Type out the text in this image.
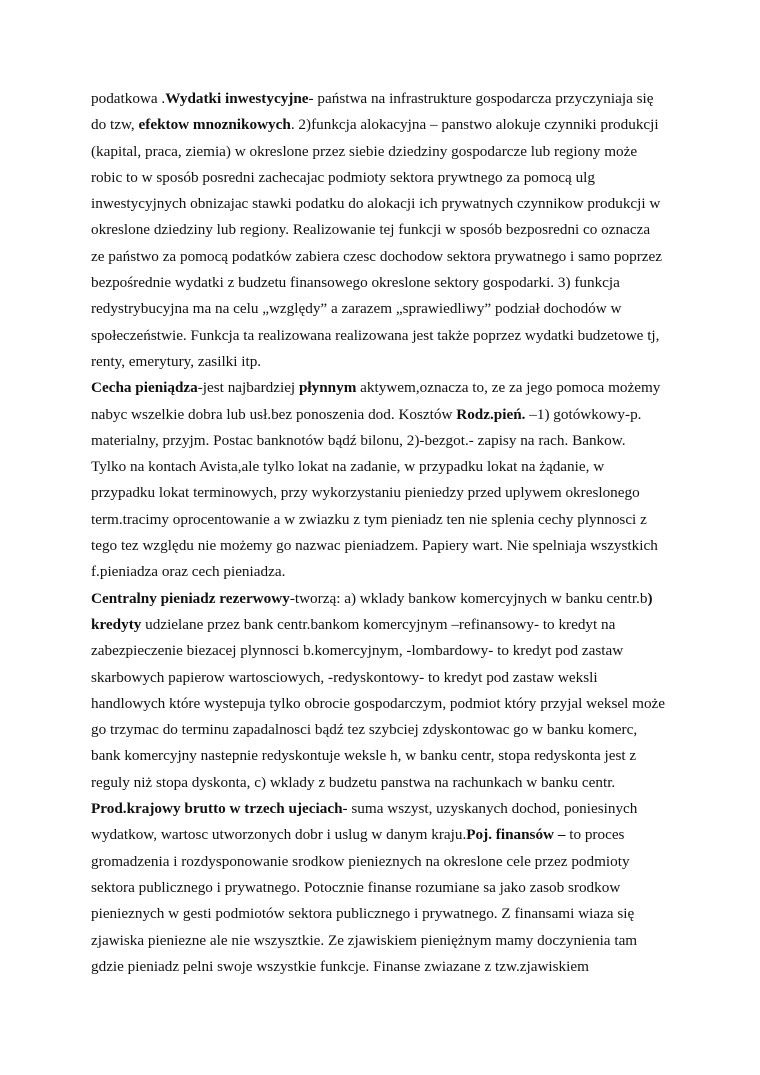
podatkowa .Wydatki inwestycyjne- państwa na infrastrukture gospodarcza przyczyniaja się
do tzw, efektow mnoznikowych. 2)funkcja alokacyjna – panstwo alokuje czynniki produkcji
(kapital, praca, ziemia) w okreslone przez siebie dziedziny gospodarcze lub regiony może
robic to w sposób posredni zachecajac podmioty sektora prywtnego za pomocą ulg
inwestycyjnych obnizajac stawki podatku do alokacji ich prywatnych czynnikow produkcji w
okreslone dziedziny lub regiony. Realizowanie tej funkcji w sposób bezposredni co oznacza
ze państwo za pomocą podatków zabiera czesc dochodow sektora prywatnego i samo poprzez
bezpośrednie wydatki z budzetu finansowego okreslone sektory gospodarki. 3) funkcja
redystrybucyjna ma na celu „względy” a zarazem „sprawiedliwy” podział dochodów w
społeczeństwie. Funkcja ta realizowana realizowana jest także poprzez wydatki budzetowe tj,
renty, emerytury, zasilki itp.
Cecha pieniądza-jest najbardziej płynnym aktywem,oznacza to, ze za jego pomoca możemy
nabyc wszelkie dobra lub usł.bez ponoszenia dod. Kosztów Rodz.pień. –1) gotówkowy-p.
materialny, przyjm. Postac banknotów bądź bilonu, 2)-bezgot.- zapisy na rach. Bankow.
Tylko na kontach Avista,ale tylko lokat na zadanie, w przypadku lokat na żądanie, w
przypadku lokat terminowych, przy wykorzystaniu pieniedzy przed uplywem okreslonego
term.tracimy oprocentowanie a w zwiazku z tym pieniadz ten nie splenia cechy plynnosci z
tego tez względu nie możemy go nazwac pieniadzem. Papiery wart. Nie spelniaja wszystkich
f.pieniadza oraz cech pieniadza.
Centralny pieniadz rezerwowy-tworzą: a) wklady bankow komercyjnych w banku centr.b)
kredyty udzielane przez bank centr.bankom komercyjnym –refinansowy- to kredyt na
zabezpieczenie biezacej plynnosci b.komercyjnym, -lombardowy- to kredyt pod zastaw
skarbowych papierow wartosciowych, -redyskontowy- to kredyt pod zastaw weksli
handlowych które wystepuja tylko obrocie gospodarczym, podmiot który przyjal weksel może
go trzymac do terminu zapadalnosci bądź tez szybciej zdyskontowac go w banku komerc,
bank komercyjny nastepnie redyskontuje weksle h, w banku centr, stopa redyskonta jest z
reguly niż stopa dyskonta, c) wklady z budzetu panstwa na rachunkach w banku centr.
Prod.krajowy brutto w trzech ujeciach- suma wszyst, uzyskanych dochod, poniesinych
wydatkow, wartosc utworzonych dobr i uslug w danym kraju.Poj. finansów – to proces
gromadzenia i rozdysponowanie srodkow pienieznych na okreslone cele przez podmioty
sektora publicznego i prywatnego. Potocznie finanse rozumiane sa jako zasob srodkow
pienieznych w gesti podmiotów sektora publicznego i prywatnego. Z finansami wiaza się
zjawiska pieniezne ale nie wszysztkie. Ze zjawiskiem pieniężnym mamy doczynienia tam
gdzie pieniadz pelni swoje wszystkie funkcje. Finanse zwiazane z tzw.zjawiskiem
